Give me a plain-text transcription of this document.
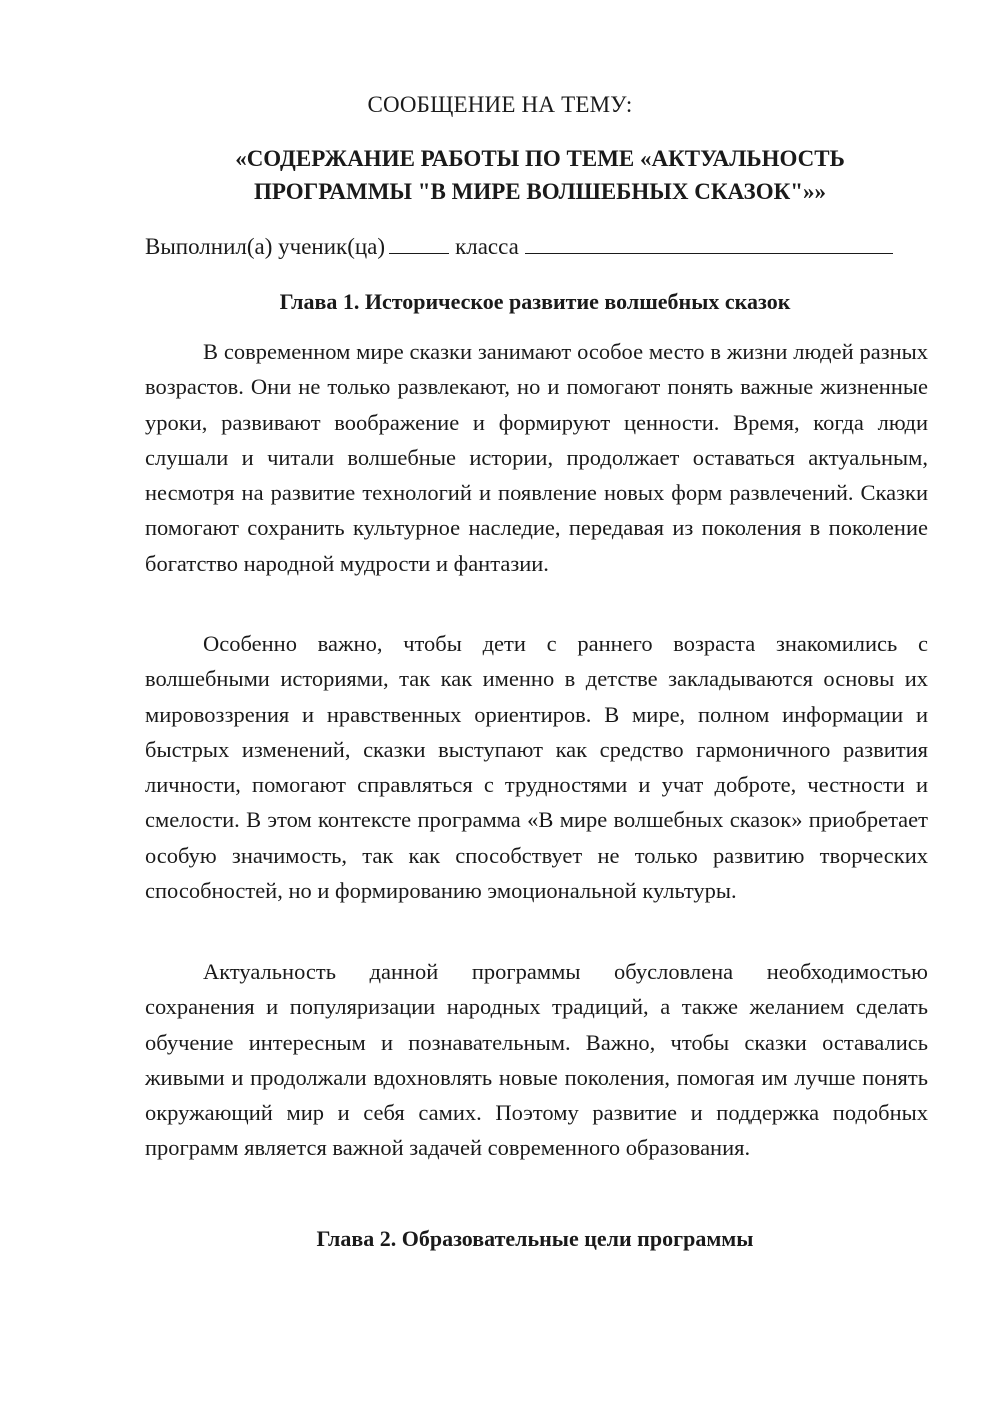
СООБЩЕНИЕ НА ТЕМУ:
«СОДЕРЖАНИЕ РАБОТЫ ПО ТЕМЕ «АКТУАЛЬНОСТЬ
ПРОГРАММЫ "В МИРЕ ВОЛШЕБНЫХ СКАЗОК"»»
Выполнил(а) ученик(ца)	класса
Глава 1. Историческое развитие волшебных сказок

В современном мире сказки занимают особое место в жизни людей разных возрастов. Они не только развлекают, но и помогают понять важные жизненные уроки, развивают воображение и формируют ценности. Время, когда люди слушали и читали волшебные истории, продолжает оставаться актуальным, несмотря на развитие технологий и появление новых форм развлечений. Сказки помогают сохранить культурное наследие, передавая из поколения в поколение богатство народной мудрости и фантазии.

Особенно важно, чтобы дети с раннего возраста знакомились с волшебными историями, так как именно в детстве закладываются основы их мировоззрения и нравственных ориентиров. В мире, полном информации и быстрых изменений, сказки выступают как средство гармоничного развития личности, помогают справляться с трудностями и учат доброте, честности и смелости. В этом контексте программа «В мире волшебных сказок» приобретает особую значимость, так как способствует не только развитию творческих способностей, но и формированию эмоциональной культуры.

Актуальность данной программы обусловлена необходимостью сохранения и популяризации народных традиций, а также желанием сделать обучение интересным и познавательным. Важно, чтобы сказки оставались живыми и продолжали вдохновлять новые поколения, помогая им лучше понять окружающий мир и себя самих. Поэтому развитие и поддержка подобных программ является важной задачей современного образования.

Глава 2. Образовательные цели программы
